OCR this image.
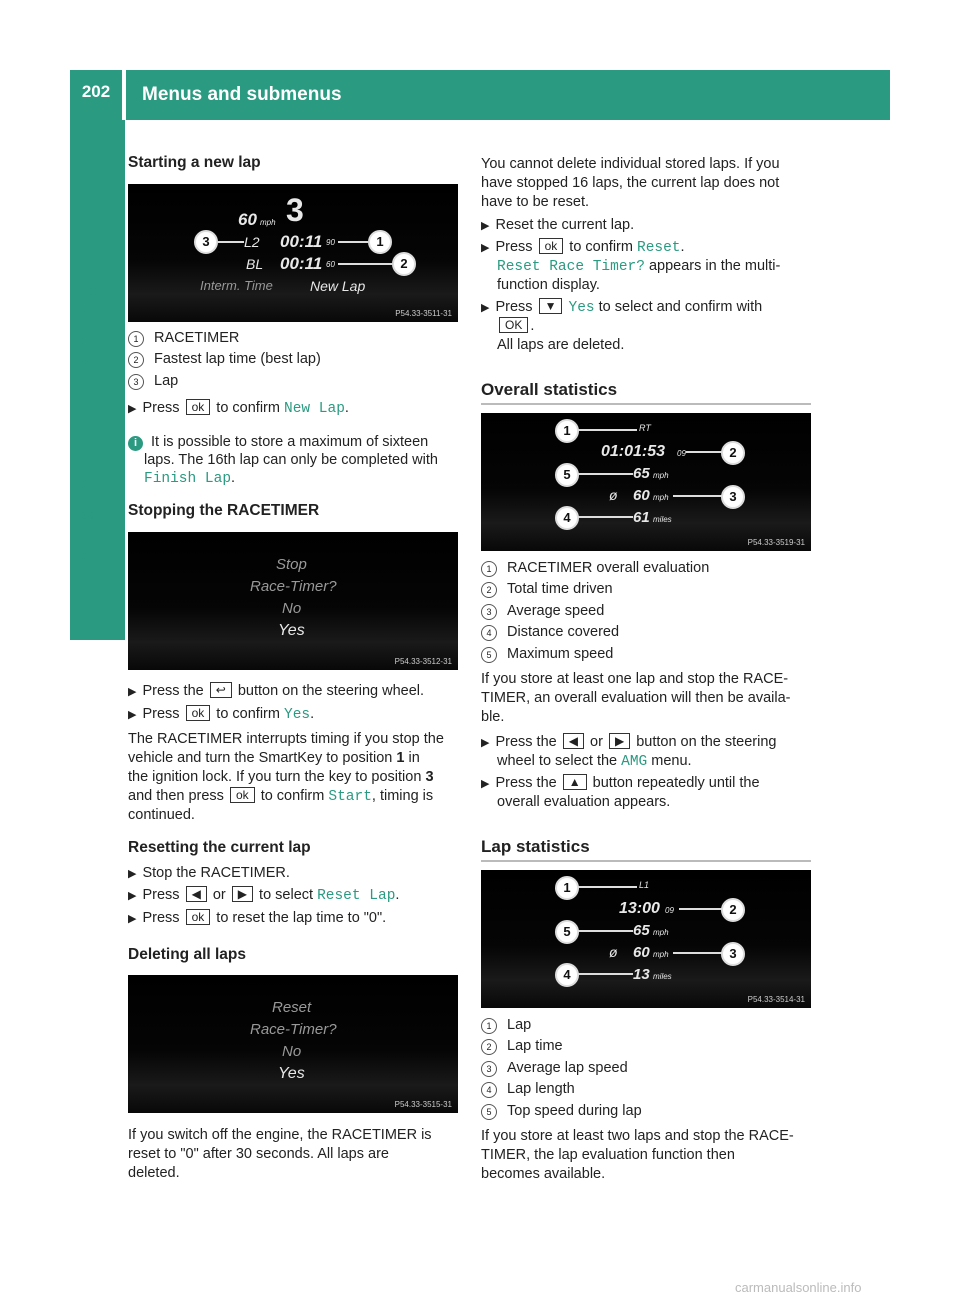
202	Menus and submenus
On-board computer and displays
Starting a new lap
60 mph 3
L2 00:11 90
BL 00:11 60
Interm. Time	New Lap
3	1
2
P54.33-3511-31
1 RACETIMER
2 Fastest lap time (best lap)
3 Lap
▶ Press ok to confirm New Lap.
i It is possible to store a maximum of sixteen
laps. The 16th lap can only be completed with
Finish Lap.
Stopping the RACETIMER
Stop
Race-Timer?
No
Yes
P54.33-3512-31
▶ Press the ↩ button on the steering wheel.
▶ Press ok to confirm Yes.
The RACETIMER interrupts timing if you stop the
vehicle and turn the SmartKey to position 1 in
the ignition lock. If you turn the key to position 3
and then press ok to confirm Start, timing is
continued.
Resetting the current lap
▶ Stop the RACETIMER.
▶ Press ◀ or ▶ to select Reset Lap.
▶ Press ok to reset the lap time to "0".
Deleting all laps
Reset
Race-Timer?
No
Yes
P54.33-3515-31
If you switch off the engine, the RACETIMER is
reset to "0" after 30 seconds. All laps are
deleted.
You cannot delete individual stored laps. If you
have stopped 16 laps, the current lap does not
have to be reset.
▶ Reset the current lap.
▶ Press ok to confirm Reset.
Reset Race Timer? appears in the multi-
function display.
▶ Press ▼ Yes to select and confirm with
OK .
All laps are deleted.
Overall statistics
RT
01:01:53 09
65 mph
ø 60 mph
61 miles
1
2
5
3
4
P54.33-3519-31
1 RACETIMER overall evaluation
2 Total time driven
3 Average speed
4 Distance covered
5 Maximum speed
If you store at least one lap and stop the RACE-
TIMER, an overall evaluation will then be availa-
ble.
▶ Press the ◀ or ▶ button on the steering
wheel to select the AMG menu.
▶ Press the ▲ button repeatedly until the
overall evaluation appears.
Lap statistics
L1
13:00 09
65 mph
ø 60 mph
13 miles
1
2
5
3
4
P54.33-3514-31
1 Lap
2 Lap time
3 Average lap speed
4 Lap length
5 Top speed during lap
If you store at least two laps and stop the RACE-
TIMER, the lap evaluation function then
becomes available.
carmanualsonline.info
